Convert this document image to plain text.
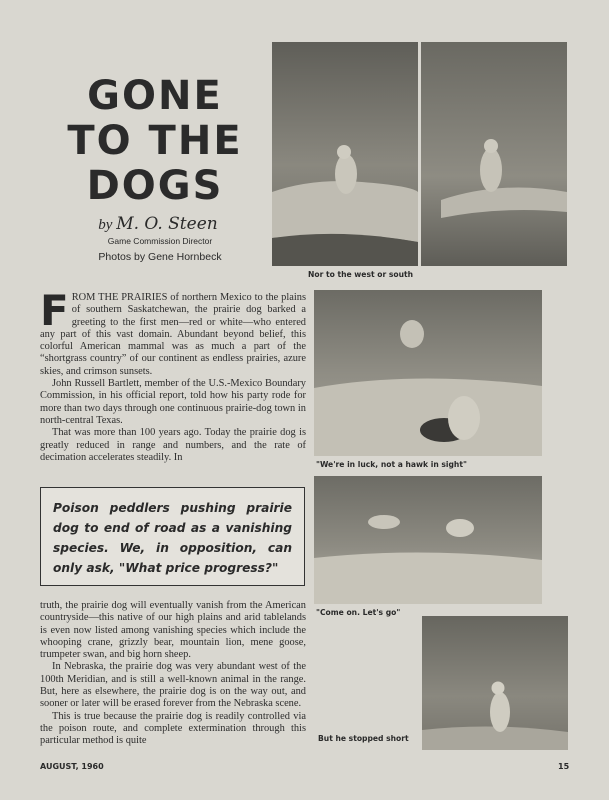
GONE
TO THE
DOGS
by M. O. Steen
Game Commission Director
Photos by Gene Hornbeck
F ROM THE PRAIRIES of northern Mexico to the plains of southern Saskatchewan, the prairie dog barked a greeting to the first men—red or white—who entered any part of this vast domain. Abundant beyond belief, this colorful American mammal was as much a part of the “shortgrass country” of our continent as endless prairies, azure skies, and crimson sunsets.

John Russell Bartlett, member of the U.S.-Mexico Boundary Commission, in his official report, told how his party rode for more than two days through one continuous prairie-dog town in north-central Texas.

That was more than 100 years ago. Today the prairie dog is greatly reduced in range and numbers, and the rate of decimation accelerates steadily. In

Poison peddlers pushing prairie dog to end of road as a vanishing species. We, in opposition, can only ask, "What price progress?"

truth, the prairie dog will eventually vanish from the American countryside—this native of our high plains and arid tablelands is even now listed among vanishing species which include the whooping crane, grizzly bear, mountain lion, mene goose, trumpeter swan, and big horn sheep.

In Nebraska, the prairie dog was very abundant west of the 100th Meridian, and is still a well-known animal in the range. But, here as elsewhere, the prairie dog is on the way out, and sooner or later will be erased forever from the Nebraska scene.

This is true because the prairie dog is readily controlled via the poison route, and complete extermination through this particular method is quite

Nor to the west or south
"We're in luck, not a hawk in sight"
"Come on. Let's go"
But he stopped short
AUGUST, 1960	15
